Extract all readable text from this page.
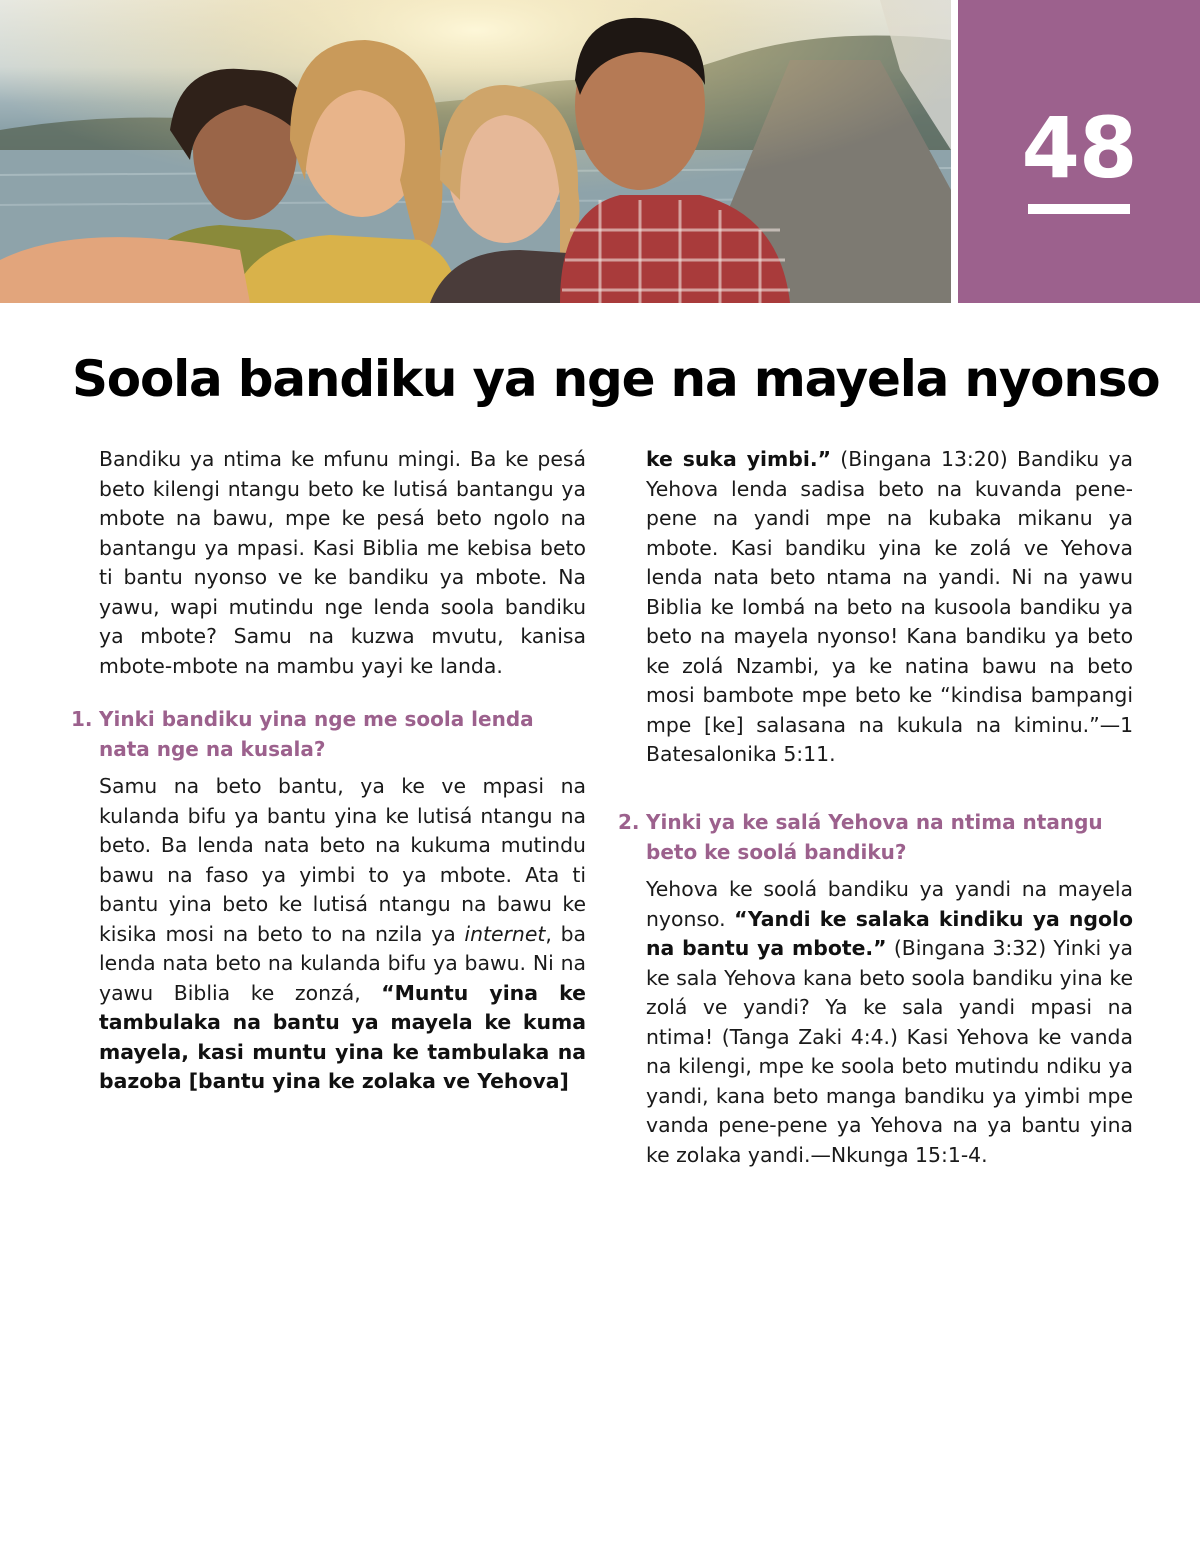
48
Soola bandiku ya nge na mayela nyonso

Bandiku ya ntima ke mfunu mingi. Ba ke pesá beto kilengi ntangu beto ke lutisá bantangu ya mbote na bawu, mpe ke pesá beto ngolo na bantangu ya mpasi. Kasi Biblia me kebisa beto ti bantu nyonso ve ke bandiku ya mbote. Na yawu, wapi mutindu nge lenda soola bandiku ya mbote? Samu na kuzwa mvutu, kanisa mbote-mbote na mambu yayi ke landa.

1. Yinki bandiku yina nge me soola lenda nata nge na kusala?

Samu na beto bantu, ya ke ve mpasi na kulanda bifu ya bantu yina ke lutisá ntangu na beto. Ba lenda nata beto na kukuma mutindu bawu na faso ya yimbi to ya mbote. Ata ti bantu yina beto ke lutisá ntangu na bawu ke kisika mosi na beto to na nzila ya internet, ba lenda nata beto na kulanda bifu ya bawu. Ni na yawu Biblia ke zonzá, “Muntu yina ke tambulaka na bantu ya mayela ke kuma mayela, kasi muntu yina ke tambulaka na bazoba [bantu yina ke zolaka ve Yehova]

ke suka yimbi.” (Bingana 13:20) Bandiku ya Yehova lenda sadisa beto na kuvanda pene-pene na yandi mpe na kubaka mikanu ya mbote. Kasi bandiku yina ke zolá ve Yehova lenda nata beto ntama na yandi. Ni na yawu Biblia ke lombá na beto na kusoola bandiku ya beto na mayela nyonso! Kana bandiku ya beto ke zolá Nzambi, ya ke natina bawu na beto mosi bambote mpe beto ke “kindisa bampangi mpe [ke] salasana na kukula na kiminu.”—1 Batesalonika 5:11.

2. Yinki ya ke salá Yehova na ntima ntangu beto ke soolá bandiku?

Yehova ke soolá bandiku ya yandi na mayela nyonso. “Yandi ke salaka kindiku ya ngolo na bantu ya mbote.” (Bingana 3:32) Yinki ya ke sala Yehova kana beto soola bandiku yina ke zolá ve yandi? Ya ke sala yandi mpasi na ntima! (Tanga Zaki 4:4.) Kasi Yehova ke vanda na kilengi, mpe ke soola beto mutindu ndiku ya yandi, kana beto manga bandiku ya yimbi mpe vanda pene-pene ya Yehova na ya bantu yina ke zolaka yandi.—Nkunga 15:1-4.
